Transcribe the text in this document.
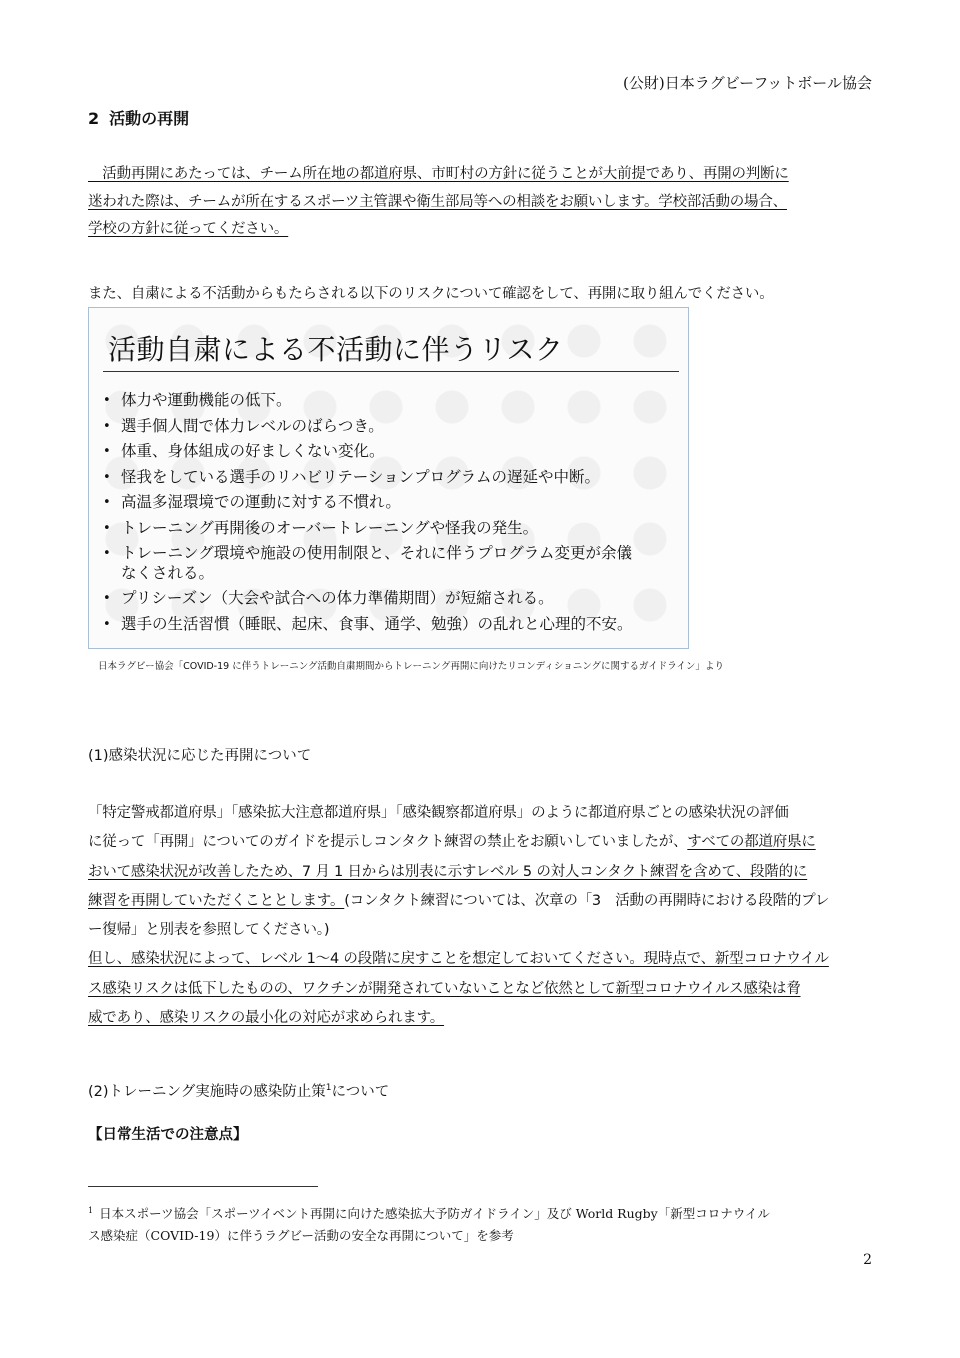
(公財)日本ラグビーフットボール協会
2 活動の再開
　活動再開にあたっては、チーム所在地の都道府県、市町村の方針に従うことが大前提であり、再開の判断に
迷われた際は、チームが所在するスポーツ主管課や衛生部局等への相談をお願いします。学校部活動の場合、
学校の方針に従ってください。
また、自粛による不活動からもたらされる以下のリスクについて確認をして、再開に取り組んでください。
活動自粛による不活動に伴うリスク
• 体力や運動機能の低下。
• 選手個人間で体力レベルのばらつき。
• 体重、身体組成の好ましくない変化。
• 怪我をしている選手のリハビリテーションプログラムの遅延や中断。
• 高温多湿環境での運動に対する不慣れ。
• トレーニング再開後のオーバートレーニングや怪我の発生。
• トレーニング環境や施設の使用制限と、それに伴うプログラム変更が余儀
なくされる。
• プリシーズン（大会や試合への体力準備期間）が短縮される。
• 選手の生活習慣（睡眠、起床、食事、通学、勉強）の乱れと心理的不安。
日本ラグビー協会「COVID-19 に伴うトレーニング活動自粛期間からトレーニング再開に向けたリコンディショニングに関するガイドライン」より
(1)感染状況に応じた再開について
「特定警戒都道府県」「感染拡大注意都道府県」「感染観察都道府県」のように都道府県ごとの感染状況の評価
に従って「再開」についてのガイドを提示しコンタクト練習の禁止をお願いしていましたが、すべての都道府県に
おいて感染状況が改善したため、7 月 1 日からは別表に示すレベル 5 の対人コンタクト練習を含めて、段階的に
練習を再開していただくこととします。(コンタクト練習については、次章の「3　活動の再開時における段階的プレ
ー復帰」と別表を参照してください。)
但し、感染状況によって、レベル 1～4 の段階に戻すことを想定しておいてください。現時点で、新型コロナウイル
ス感染リスクは低下したものの、ワクチンが開発されていないことなど依然として新型コロナウイルス感染は脅
威であり、感染リスクの最小化の対応が求められます。
(2)トレーニング実施時の感染防止策$^1$について
【日常生活での注意点】
$^1$ 日本スポーツ協会「スポーツイベント再開に向けた感染拡大予防ガイドライン」及び World Rugby「新型コロナウイル
ス感染症（COVID-19）に伴うラグビー活動の安全な再開について」を参考
2
